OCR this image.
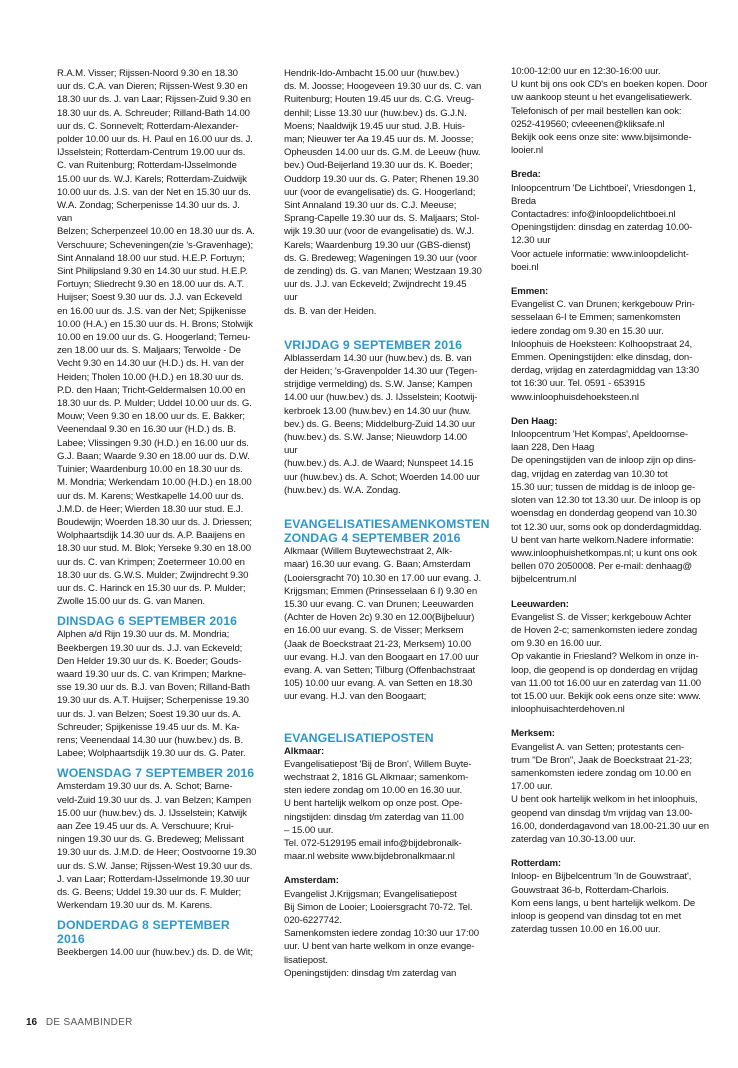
R.A.M. Visser; Rijssen-Noord 9.30 en 18.30
uur ds. C.A. van Dieren; Rijssen-West 9.30 en
18.30 uur ds. J. van Laar; Rijssen-Zuid 9.30 en
18.30 uur ds. A. Schreuder; Rilland-Bath 14.00
uur ds. C. Sonnevelt; Rotterdam-Alexander-
polder 10.00 uur ds. H. Paul en 16.00 uur ds. J.
IJsselstein; Rotterdam-Centrum 19.00 uur ds.
C. van Ruitenburg; Rotterdam-IJsselmonde
15.00 uur ds. W.J. Karels; Rotterdam-Zuidwijk
10.00 uur ds. J.S. van der Net en 15.30 uur ds.
W.A. Zondag; Scherpenisse 14.30 uur ds. J. van
Belzen; Scherpenzeel 10.00 en 18.30 uur ds. A.
Verschuure; Scheveningen(zie 's-Gravenhage);
Sint Annaland 18.00 uur stud. H.E.P. Fortuyn;
Sint Philipsland 9.30 en 14.30 uur stud. H.E.P.
Fortuyn; Sliedrecht 9.30 en 18.00 uur ds. A.T.
Huijser; Soest 9.30 uur ds. J.J. van Eckeveld
en 16.00 uur ds. J.S. van der Net; Spijkenisse
10.00 (H.A.) en 15.30 uur ds. H. Brons; Stolwijk
10.00 en 19.00 uur ds. G. Hoogerland; Terneu-
zen 18.00 uur ds. S. Maljaars; Terwolde - De
Vecht 9.30 en 14.30 uur (H.D.) ds. H. van der
Heiden; Tholen 10.00 (H.D.) en 18.30 uur ds.
P.D. den Haan; Tricht-Geldermalsen 10.00 en
18.30 uur ds. P. Mulder; Uddel 10.00 uur ds. G.
Mouw; Veen 9.30 en 18.00 uur ds. E. Bakker;
Veenendaal 9.30 en 16.30 uur (H.D.) ds. B.
Labee; Vlissingen 9.30 (H.D.) en 16.00 uur ds.
G.J. Baan; Waarde 9.30 en 18.00 uur ds. D.W.
Tuinier; Waardenburg 10.00 en 18.30 uur ds.
M. Mondria; Werkendam 10.00 (H.D.) en 18.00
uur ds. M. Karens; Westkapelle 14.00 uur ds.
J.M.D. de Heer; Wierden 18.30 uur stud. E.J.
Boudewijn; Woerden 18.30 uur ds. J. Driessen;
Wolphaartsdijk 14.30 uur ds. A.P. Baaijens en
18.30 uur stud. M. Blok; Yerseke 9.30 en 18.00
uur ds. C. van Krimpen; Zoetermeer 10.00 en
18.30 uur ds. G.W.S. Mulder; Zwijndrecht 9.30
uur ds. C. Harinck en 15.30 uur ds. P. Mulder;
Zwolle 15.00 uur ds. G. van Manen.

DINSDAG 6 SEPTEMBER 2016

Alphen a/d Rijn 19.30 uur ds. M. Mondria;
Beekbergen 19.30 uur ds. J.J. van Eckeveld;
Den Helder 19.30 uur ds. K. Boeder; Gouds-
waard 19.30 uur ds. C. van Krimpen; Markne-
sse 19.30 uur ds. B.J. van Boven; Rilland-Bath
19.30 uur ds. A.T. Huijser; Scherpenisse 19.30
uur ds. J. van Belzen; Soest 19.30 uur ds. A.
Schreuder; Spijkenisse 19.45 uur ds. M. Ka-
rens; Veenendaal 14.30 uur (huw.bev.) ds. B.
Labee; Wolphaartsdijk 19.30 uur ds. G. Pater.

WOENSDAG 7 SEPTEMBER 2016

Amsterdam 19.30 uur ds. A. Schot; Barne-
veld-Zuid 19.30 uur ds. J. van Belzen; Kampen
15.00 uur (huw.bev.) ds. J. IJsselstein; Katwijk
aan Zee 19.45 uur ds. A. Verschuure; Krui-
ningen 19.30 uur ds. G. Bredeweg; Melissant
19.30 uur ds. J.M.D. de Heer; Oostvoorne 19.30
uur ds. S.W. Janse; Rijssen-West 19.30 uur ds.
J. van Laar; Rotterdam-IJsselmonde 19.30 uur
ds. G. Beens; Uddel 19.30 uur ds. F. Mulder;
Werkendam 19.30 uur ds. M. Karens.

DONDERDAG 8 SEPTEMBER 2016

Beekbergen 14.00 uur (huw.bev.) ds. D. de Wit;

Hendrik-Ido-Ambacht 15.00 uur (huw.bev.)
ds. M. Joosse; Hoogeveen 19.30 uur ds. C. van
Ruitenburg; Houten 19.45 uur ds. C.G. Vreug-
denhil; Lisse 13.30 uur (huw.bev.) ds. G.J.N.
Moens; Naaldwijk 19.45 uur stud. J.B. Huis-
man; Nieuwer ter Aa 19.45 uur ds. M. Joosse;
Opheusden 14.00 uur ds. G.M. de Leeuw (huw.
bev.) Oud-Beijerland 19.30 uur ds. K. Boeder;
Ouddorp 19.30 uur ds. G. Pater; Rhenen 19.30
uur (voor de evangelisatie) ds. G. Hoogerland;
Sint Annaland 19.30 uur ds. C.J. Meeuse;
Sprang-Capelle 19.30 uur ds. S. Maljaars; Stol-
wijk 19.30 uur (voor de evangelisatie) ds. W.J.
Karels; Waardenburg 19.30 uur (GBS-dienst)
ds. G. Bredeweg; Wageningen 19.30 uur (voor
de zending) ds. G. van Manen; Westzaan 19.30
uur ds. J.J. van Eckeveld; Zwijndrecht 19.45 uur
ds. B. van der Heiden.

VRIJDAG 9 SEPTEMBER 2016

Alblasserdam 14.30 uur (huw.bev.) ds. B. van
der Heiden; 's-Gravenpolder 14.30 uur (Tegen-
strijdige vermelding) ds. S.W. Janse; Kampen
14.00 uur (huw.bev.) ds. J. IJsselstein; Kootwij-
kerbroek 13.00 (huw.bev.) en 14.30 uur (huw.
bev.) ds. G. Beens; Middelburg-Zuid 14.30 uur
(huw.bev.) ds. S.W. Janse; Nieuwdorp 14.00 uur
(huw.bev.) ds. A.J. de Waard; Nunspeet 14.15
uur (huw.bev.) ds. A. Schot; Woerden 14.00 uur
(huw.bev.) ds. W.A. Zondag.

EVANGELISATIESAMENKOMSTEN
ZONDAG 4 SEPTEMBER 2016

Alkmaar (Willem Buytewechstraat 2, Alk-
maar) 16.30 uur evang. G. Baan; Amsterdam
(Looiersgracht 70) 10.30 en 17.00 uur evang. J.
Krijgsman; Emmen (Prinsesselaan 6 I) 9.30 en
15.30 uur evang. C. van Drunen; Leeuwarden
(Achter de Hoven 2c) 9.30 en 12.00(Bijbeluur)
en 16.00 uur evang. S. de Visser; Merksem
(Jaak de Boeckstraat 21-23, Merksem) 10.00
uur evang. H.J. van den Boogaart en 17.00 uur
evang. A. van Setten; Tilburg (Offenbachstraat
105) 10.00 uur evang. A. van Setten en 18.30
uur evang. H.J. van den Boogaart;

EVANGELISATIEPOSTEN

Alkmaar:

Evangelisatiepost 'Bij de Bron', Willem Buyte-
wechstraat 2, 1816 GL Alkmaar; samenkom-
sten iedere zondag om 10.00 en 16.30 uur.
U bent hartelijk welkom op onze post. Ope-
ningstijden: dinsdag t/m zaterdag van 11.00
– 15.00 uur.
Tel. 072-5129195 email info@bijdebronalk-
maar.nl website www.bijdebronalkmaar.nl

Amsterdam:

Evangelist J.Krijgsman; Evangelisatiepost
Bij Simon de Looier; Looiersgracht 70-72. Tel.
020-6227742.
Samenkomsten iedere zondag 10:30 uur 17:00
uur. U bent van harte welkom in onze evange-
lisatiepost.
Openingstijden: dinsdag t/m zaterdag van

10:00-12:00 uur en 12:30-16:00 uur.
U kunt bij ons ook CD's en boeken kopen. Door
uw aankoop steunt u het evangelisatiewerk.
Telefonisch of per mail bestellen kan ook:
0252-419560; cvleeenen@kliksafe.nl
Bekijk ook eens onze site: www.bijsimonde-
looier.nl

Breda:

Inloopcentrum 'De Lichtboei', Vriesdongen 1,
Breda
Contactadres: info@inloopdelichtboei.nl
Openingstijden: dinsdag en zaterdag 10.00-
12.30 uur
Voor actuele informatie: www.inloopdelicht-
boei.nl

Emmen:

Evangelist C. van Drunen; kerkgebouw Prin-
sesselaan 6-I te Emmen; samenkomsten
iedere zondag om 9.30 en 15.30 uur.
Inloophuis de Hoeksteen: Kolhoopstraat 24,
Emmen. Openingstijden: elke dinsdag, don-
derdag, vrijdag en zaterdagmiddag van 13:30
tot 16:30 uur. Tel. 0591 - 653915
www.inloophuisdehoeksteen.nl

Den Haag:

Inloopcentrum 'Het Kompas', Apeldoornse-
laan 228, Den Haag
De openingstijden van de inloop zijn op dins-
dag, vrijdag en zaterdag van 10.30 tot
15.30 uur; tussen de middag is de inloop ge-
sloten van 12.30 tot 13.30 uur. De inloop is op
woensdag en donderdag geopend van 10.30
tot 12.30 uur, soms ook op donderdagmiddag.
U bent van harte welkom.Nadere informatie:
www.inloophuishetkompas.nl; u kunt ons ook
bellen 070 2050008. Per e-mail: denhaag@
bijbelcentrum.nl

Leeuwarden:

Evangelist S. de Visser; kerkgebouw Achter
de Hoven 2-c; samenkomsten iedere zondag
om 9.30 en 16.00 uur.
Op vakantie in Friesland? Welkom in onze in-
loop, die geopend is op donderdag en vrijdag
van 11.00 tot 16.00 uur en zaterdag van 11.00
tot 15.00 uur. Bekijk ook eens onze site: www.
inloophuisachterdehoven.nl

Merksem:

Evangelist A. van Setten; protestants cen-
trum "De Bron", Jaak de Boeckstraat 21-23;
samenkomsten iedere zondag om 10.00 en
17.00 uur.
U bent ook hartelijk welkom in het inloophuis,
geopend van dinsdag t/m vrijdag van 13.00-
16.00, donderdagavond van 18.00-21.30 uur en
zaterdag van 10.30-13.00 uur.

Rotterdam:

Inloop- en Bijbelcentrum 'In de Gouwstraat',
Gouwstraat 36-b, Rotterdam-Charlois.
Kom eens langs, u bent hartelijk welkom. De
inloop is geopend van dinsdag tot en met
zaterdag tussen 10.00 en 16.00 uur.

16 DE SAAMBINDER
